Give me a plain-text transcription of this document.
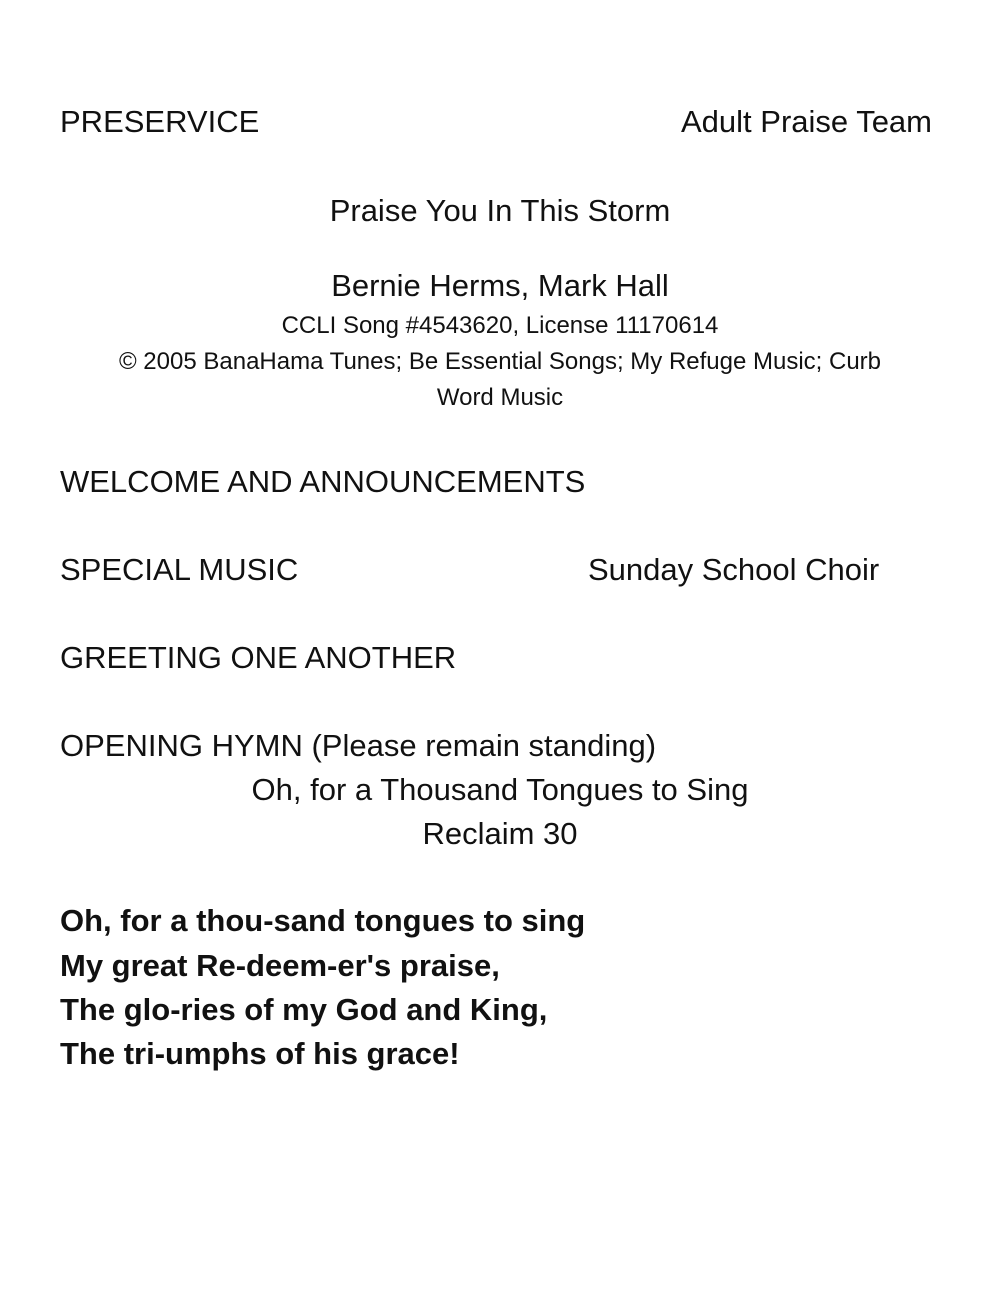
PRESERVICE	Adult Praise Team
Praise You In This Storm
Bernie Herms, Mark Hall
CCLI Song #4543620, License 11170614
© 2005 BanaHama Tunes; Be Essential Songs; My Refuge Music; Curb
Word Music
WELCOME AND ANNOUNCEMENTS
SPECIAL MUSIC	Sunday School Choir
GREETING ONE ANOTHER
OPENING HYMN (Please remain standing)
Oh, for a Thousand Tongues to Sing
Reclaim 30
Oh, for a thou-sand tongues to sing
My great Re-deem-er's praise,
The glo-ries of my God and King,
The tri-umphs of his grace!
